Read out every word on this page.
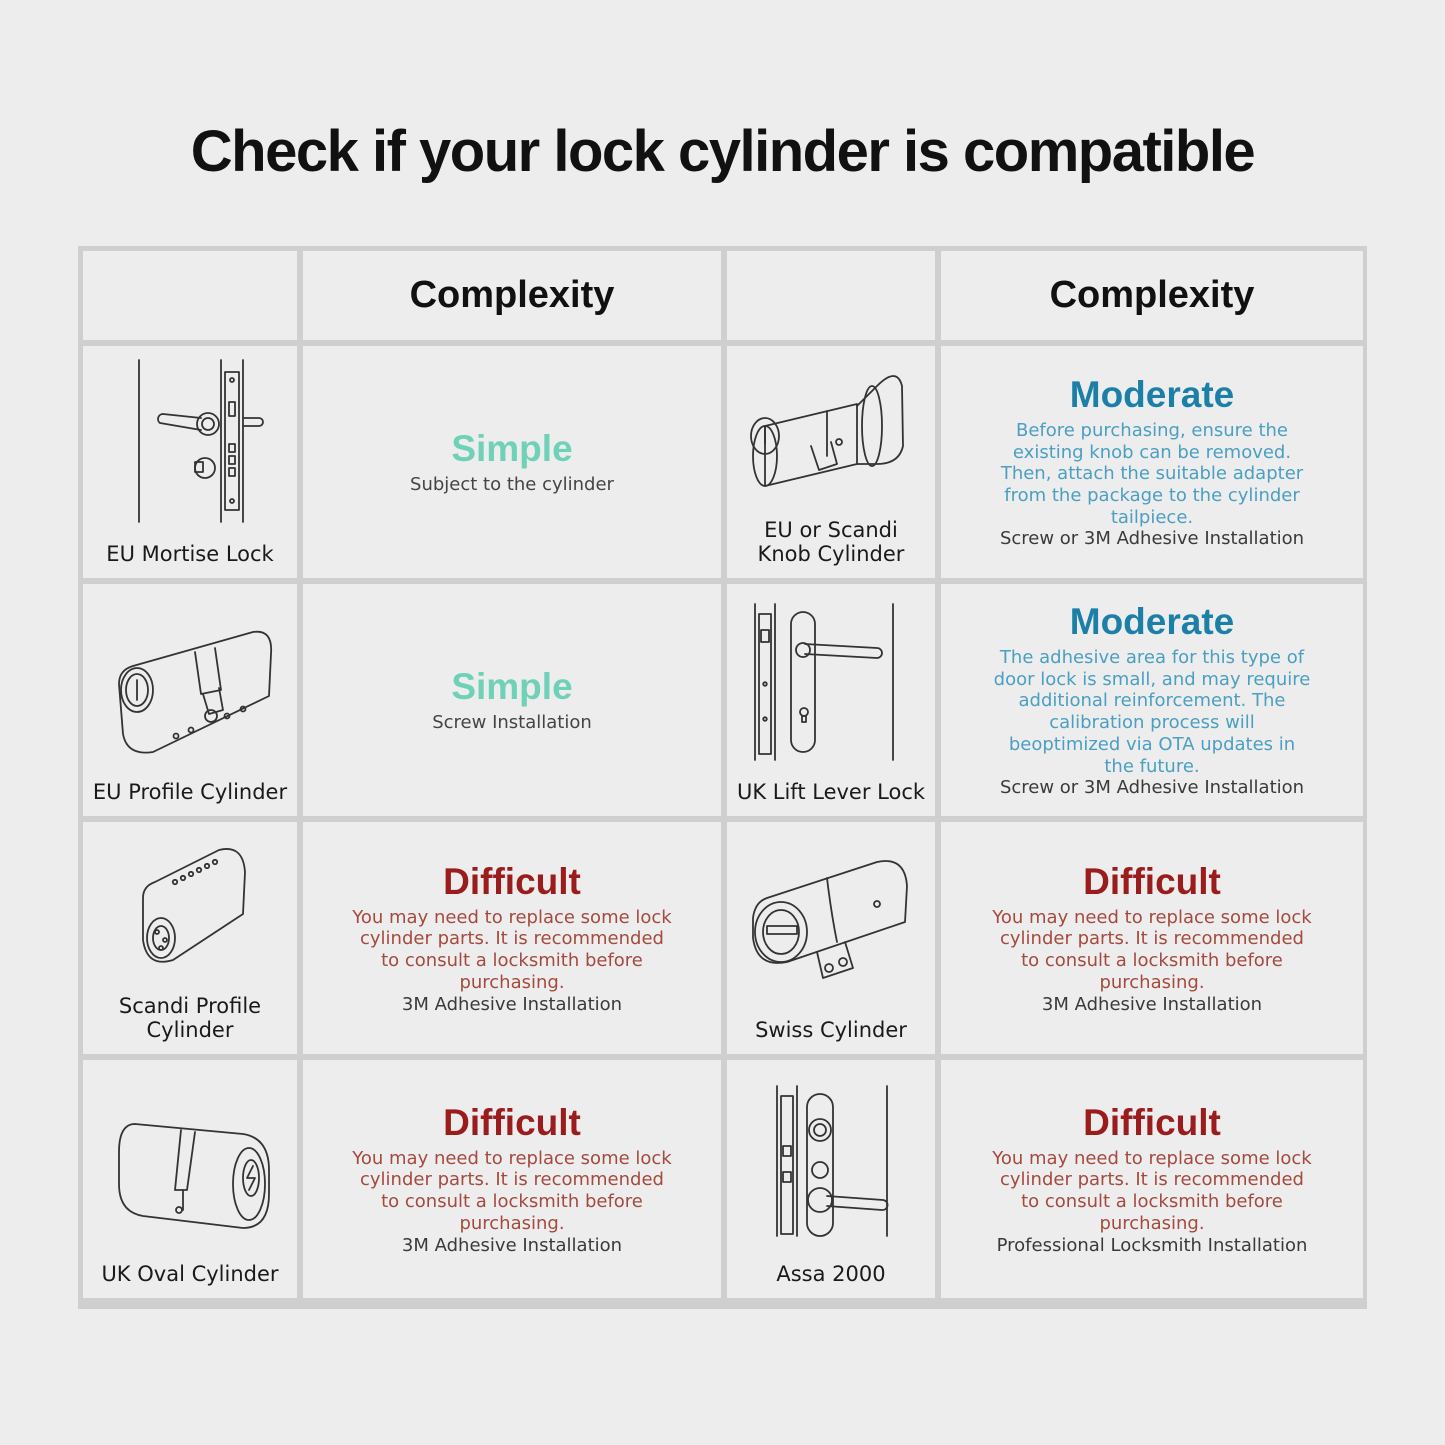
Check if your lock cylinder is compatible
Complexity	Complexity
EU Mortise Lock
Simple
Subject to the cylinder
EU or Scandi
Knob Cylinder
Moderate
Before purchasing, ensure the existing knob can be removed. Then, attach the suitable adapter from the package to the cylinder tailpiece.
Screw or 3M Adhesive Installation
EU Profile Cylinder
Simple
Screw Installation
UK Lift Lever Lock
Moderate
The adhesive area for this type of door lock is small, and may require additional reinforcement. The calibration process will beoptimized via OTA updates in the future.
Screw or 3M Adhesive Installation
Scandi Profile
Cylinder
Difficult
You may need to replace some lock cylinder parts. It is recommended to consult a locksmith before purchasing.
3M Adhesive Installation
Swiss Cylinder
Difficult
You may need to replace some lock cylinder parts. It is recommended to consult a locksmith before purchasing.
3M Adhesive Installation
UK Oval Cylinder
Difficult
You may need to replace some lock cylinder parts. It is recommended to consult a locksmith before purchasing.
3M Adhesive Installation
Assa 2000
Difficult
You may need to replace some lock cylinder parts. It is recommended to consult a locksmith before purchasing.
Professional Locksmith Installation
